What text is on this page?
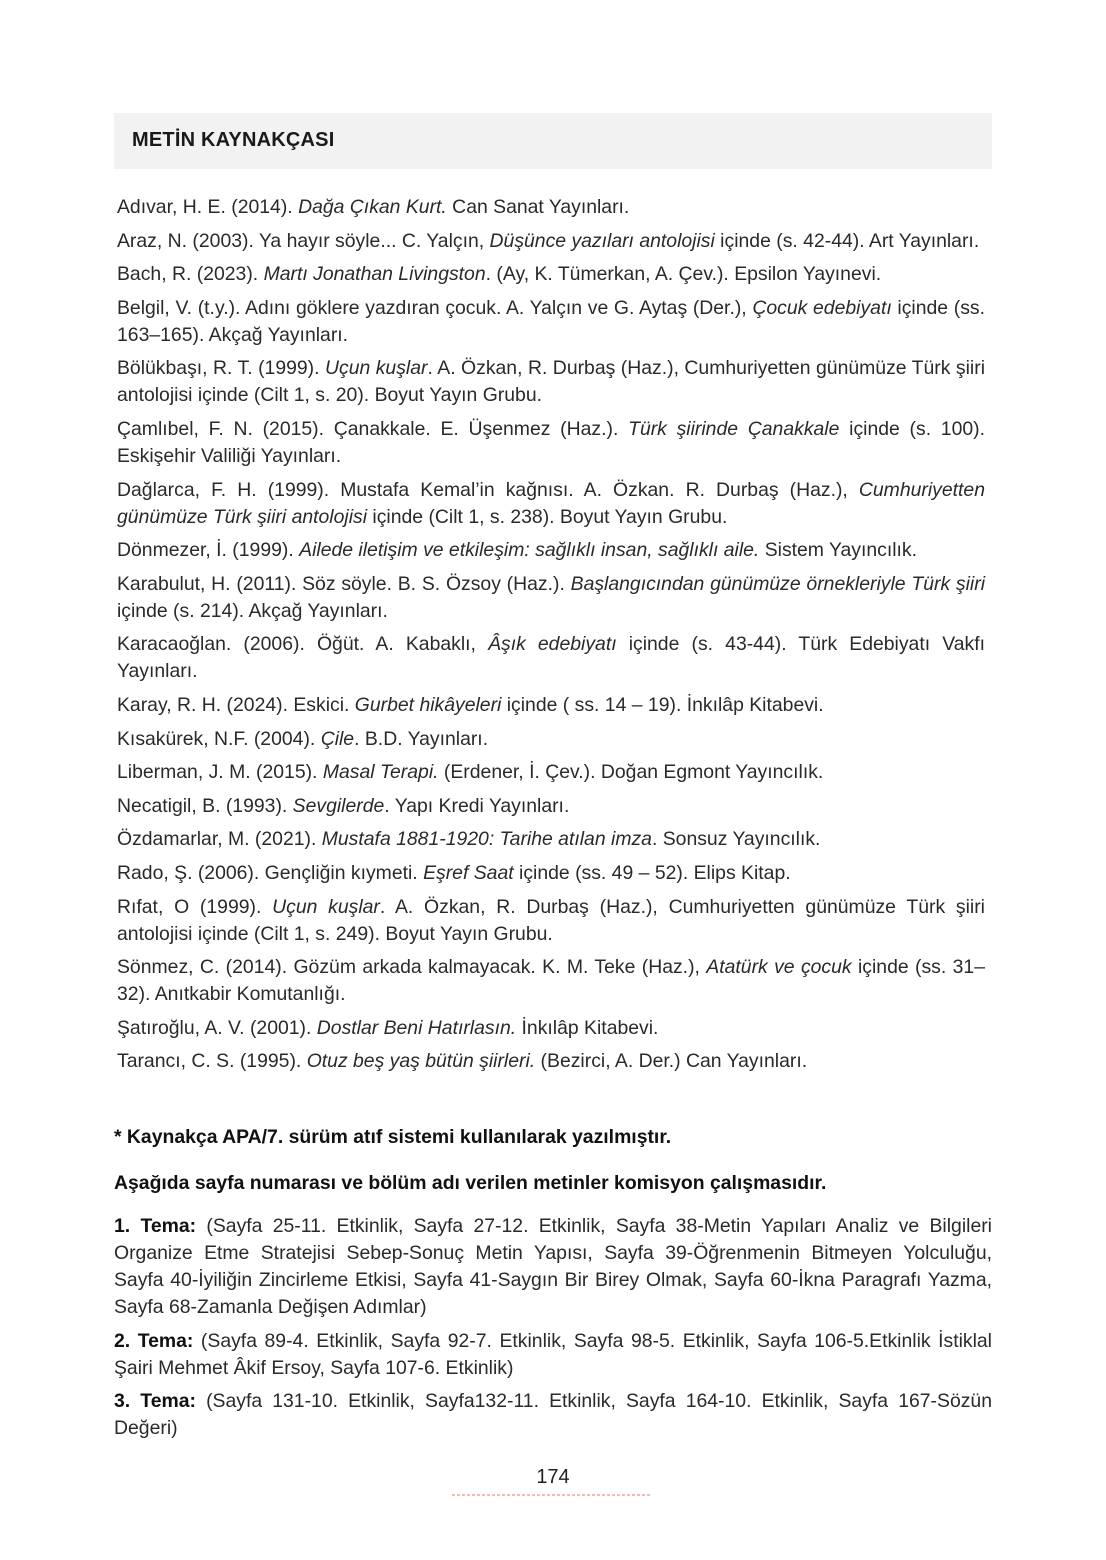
METİN KAYNAKÇASI
Adıvar, H. E. (2014). Dağa Çıkan Kurt. Can Sanat Yayınları.
Araz, N. (2003). Ya hayır söyle... C. Yalçın, Düşünce yazıları antolojisi içinde (s. 42-44). Art Yayınları.
Bach, R. (2023). Martı Jonathan Livingston. (Ay, K. Tümerkan, A. Çev.). Epsilon Yayınevi.
Belgil, V. (t.y.). Adını göklere yazdıran çocuk. A. Yalçın ve G. Aytaş (Der.), Çocuk edebiyatı içinde (ss. 163–165). Akçağ Yayınları.
Bölükbaşı, R. T. (1999). Uçun kuşlar. A. Özkan, R. Durbaş (Haz.), Cumhuriyetten günümüze Türk şiiri antolojisi içinde (Cilt 1, s. 20). Boyut Yayın Grubu.
Çamlıbel, F. N. (2015). Çanakkale. E. Üşenmez (Haz.). Türk şiirinde Çanakkale içinde (s. 100). Eskişehir Valiliği Yayınları.
Dağlarca, F. H. (1999). Mustafa Kemal’in kağnısı. A. Özkan. R. Durbaş (Haz.), Cumhuriyetten günümüze Türk şiiri antolojisi içinde (Cilt 1, s. 238). Boyut Yayın Grubu.
Dönmezer, İ. (1999). Ailede iletişim ve etkileşim: sağlıklı insan, sağlıklı aile. Sistem Yayıncılık.
Karabulut, H. (2011). Söz söyle. B. S. Özsoy (Haz.). Başlangıcından günümüze örnekleriyle Türk şiiri içinde (s. 214). Akçağ Yayınları.
Karacaoğlan. (2006). Öğüt. A. Kabaklı, Âşık edebiyatı içinde (s. 43-44). Türk Edebiyatı Vakfı Yayınları.
Karay, R. H. (2024). Eskici. Gurbet hikâyeleri içinde ( ss. 14 – 19). İnkılâp Kitabevi.
Kısakürek, N.F. (2004). Çile. B.D. Yayınları.
Liberman, J. M. (2015). Masal Terapi. (Erdener, İ. Çev.). Doğan Egmont Yayıncılık.
Necatigil, B. (1993). Sevgilerde. Yapı Kredi Yayınları.
Özdamarlar, M. (2021). Mustafa 1881-1920: Tarihe atılan imza. Sonsuz Yayıncılık.
Rado, Ş. (2006). Gençliğin kıymeti. Eşref Saat içinde (ss. 49 – 52). Elips Kitap.
Rıfat, O (1999). Uçun kuşlar. A. Özkan, R. Durbaş (Haz.), Cumhuriyetten günümüze Türk şiiri antolojisi içinde (Cilt 1, s. 249). Boyut Yayın Grubu.
Sönmez, C. (2014). Gözüm arkada kalmayacak. K. M. Teke (Haz.), Atatürk ve çocuk içinde (ss. 31–32). Anıtkabir Komutanlığı.
Şatıroğlu, A. V. (2001). Dostlar Beni Hatırlasın. İnkılâp Kitabevi.
Tarancı, C. S. (1995). Otuz beş yaş bütün şiirleri. (Bezirci, A. Der.) Can Yayınları.
* Kaynakça APA/7. sürüm atıf sistemi kullanılarak yazılmıştır.
Aşağıda sayfa numarası ve bölüm adı verilen metinler komisyon çalışmasıdır.
1. Tema: (Sayfa 25-11. Etkinlik, Sayfa 27-12. Etkinlik, Sayfa 38-Metin Yapıları Analiz ve Bilgileri Organize Etme Stratejisi Sebep-Sonuç Metin Yapısı, Sayfa 39-Öğrenmenin Bitmeyen Yolculuğu, Sayfa 40-İyiliğin Zincirleme Etkisi, Sayfa 41-Saygın Bir Birey Olmak, Sayfa 60-İkna Paragrafı Yazma, Sayfa 68-Zamanla Değişen Adımlar)
2. Tema: (Sayfa 89-4. Etkinlik, Sayfa 92-7. Etkinlik, Sayfa 98-5. Etkinlik, Sayfa 106-5.Etkinlik İstiklal Şairi Mehmet Âkif Ersoy, Sayfa 107-6. Etkinlik)
3. Tema: (Sayfa 131-10. Etkinlik, Sayfa132-11. Etkinlik, Sayfa 164-10. Etkinlik, Sayfa 167-Sözün Değeri)
174
